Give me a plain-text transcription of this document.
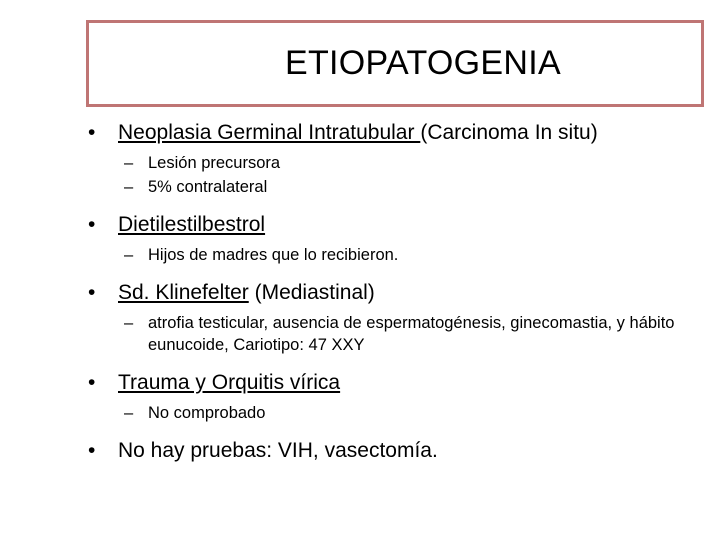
ETIOPATOGENIA
• Neoplasia Germinal Intratubular (Carcinoma In situ)
– Lesión precursora
– 5% contralateral
• Dietilestilbestrol
– Hijos de madres que lo recibieron.
• Sd. Klinefelter (Mediastinal)
– atrofia testicular, ausencia de espermatogénesis, ginecomastia, y hábito eunucoide, Cariotipo: 47 XXY
• Trauma y Orquitis vírica
– No comprobado
• No hay pruebas: VIH, vasectomía.
